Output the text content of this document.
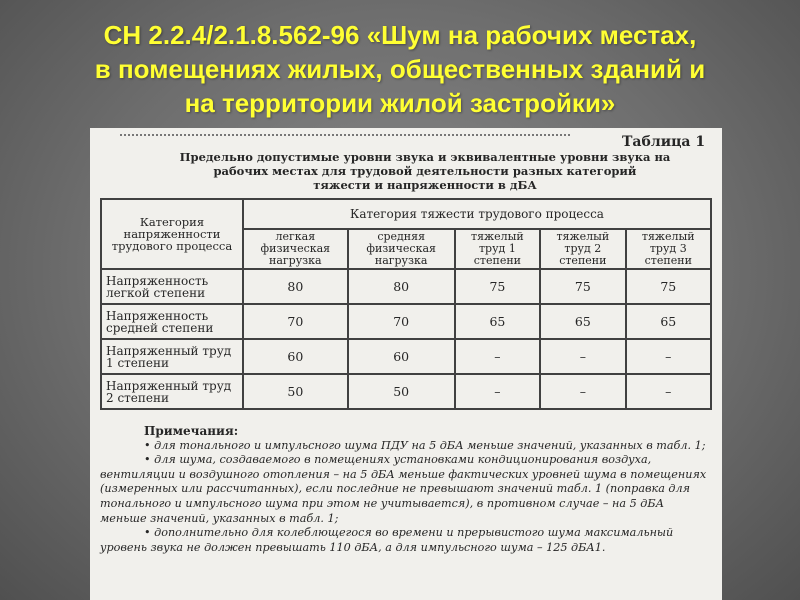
СН 2.2.4/2.1.8.562-96 «Шум на рабочих местах,
в помещениях жилых, общественных зданий и
на территории жилой застройки»
Таблица 1
Предельно допустимые уровни звука и эквивалентные уровни звука на
рабочих местах для трудовой деятельности разных категорий
тяжести и напряженности в дБА
Категория напряженности трудового процесса	Категория тяжести трудового процесса				
	легкая физическая нагрузка	средняя физическая нагрузка	тяжелый труд 1 степени	тяжелый труд 2 степени	тяжелый труд 3 степени
Напряженность легкой степени	80	80	75	75	75
Напряженность средней степени	70	70	65	65	65
Напряженный труд 1 степени	60	60	–	–	–
Напряженный труд 2 степени	50	50	–	–	–
Примечания:

• для тонального и импульсного шума ПДУ на 5 дБА меньше значений, указанных в табл. 1;

• для шума, создаваемого в помещениях установками кондиционирования воздуха, вентиляции и воздушного отопления – на 5 дБА меньше фактических уровней шума в помещениях (измеренных или рассчитанных), если последние не превышают значений табл. 1 (поправка для тонального и импульсного шума при этом не учитывается), в противном случае – на 5 дБА меньше значений, указанных в табл. 1;

• дополнительно для колеблющегося во времени и прерывистого шума максимальный уровень звука не должен превышать 110 дБА, а для импульсного шума – 125 дБА1.
